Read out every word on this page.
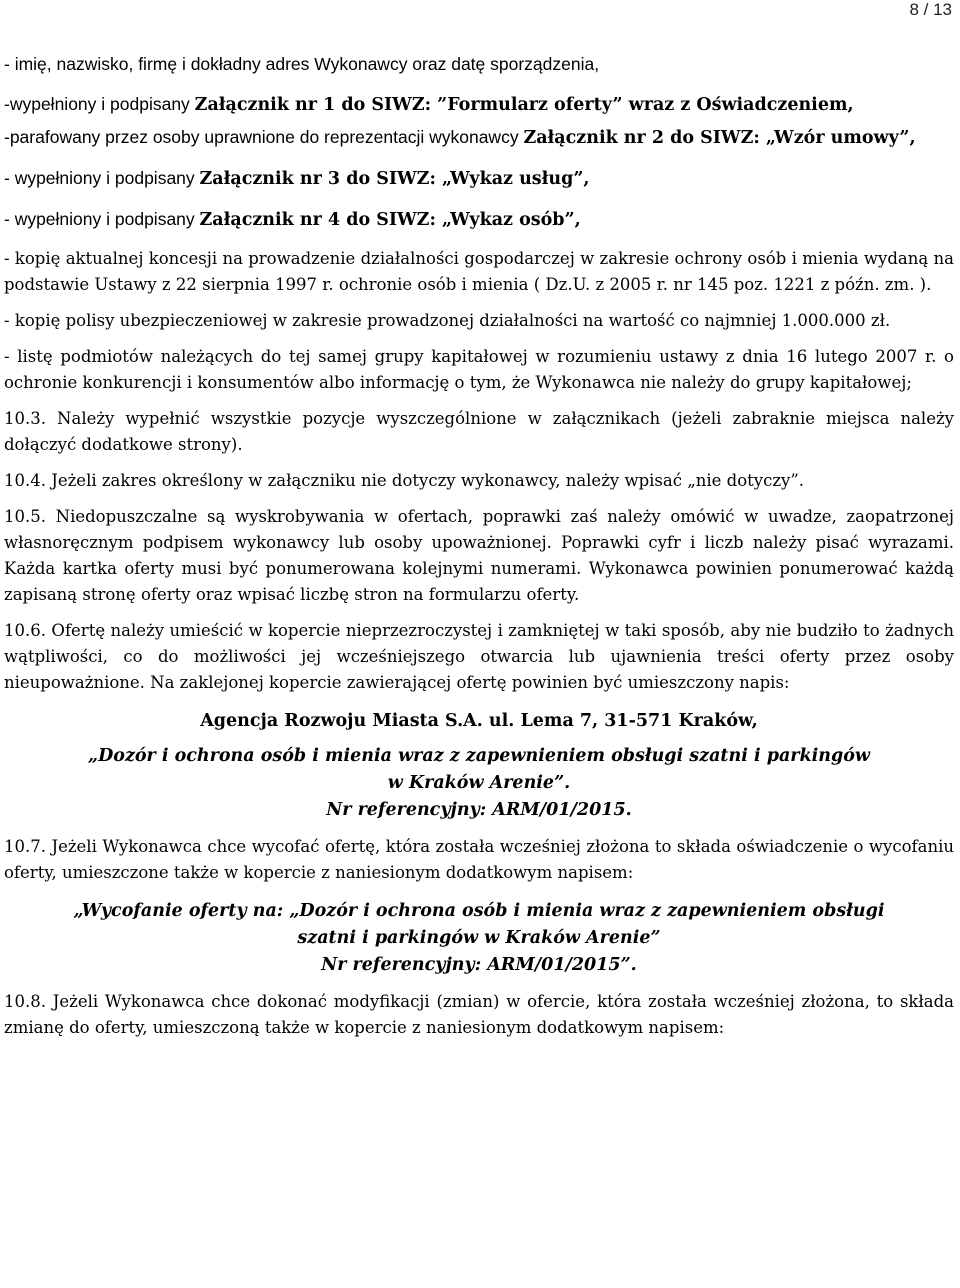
8 / 13

- imię, nazwisko, firmę i dokładny adres Wykonawcy oraz datę sporządzenia,

-wypełniony i podpisany Załącznik nr 1 do SIWZ: ”Formularz oferty” wraz z Oświadczeniem,

-parafowany przez osoby uprawnione do reprezentacji wykonawcy Załącznik nr 2 do SIWZ: „Wzór umowy”,

- wypełniony i podpisany Załącznik nr 3 do SIWZ: „Wykaz usług”,

- wypełniony i podpisany Załącznik nr 4 do SIWZ: „Wykaz osób”,

- kopię aktualnej koncesji na prowadzenie działalności gospodarczej w zakresie ochrony osób i mienia wydaną na podstawie Ustawy z 22 sierpnia 1997 r. ochronie osób i mienia ( Dz.U. z 2005 r. nr 145 poz. 1221 z późn. zm. ).

- kopię polisy ubezpieczeniowej w zakresie prowadzonej działalności na wartość co najmniej 1.000.000 zł.

- listę podmiotów należących do tej samej grupy kapitałowej w rozumieniu ustawy z dnia 16 lutego 2007 r. o ochronie konkurencji i konsumentów albo informację o tym, że Wykonawca nie należy do grupy kapitałowej;

10.3. Należy wypełnić wszystkie pozycje wyszczególnione w załącznikach (jeżeli zabraknie miejsca należy dołączyć dodatkowe strony).

10.4. Jeżeli zakres określony w załączniku nie dotyczy wykonawcy, należy wpisać „nie dotyczy”.

10.5. Niedopuszczalne są wyskrobywania w ofertach, poprawki zaś należy omówić w uwadze, zaopatrzonej własnoręcznym podpisem wykonawcy lub osoby upoważnionej. Poprawki cyfr i liczb należy pisać wyrazami. Każda kartka oferty musi być ponumerowana kolejnymi numerami. Wykonawca powinien ponumerować każdą zapisaną stronę oferty oraz wpisać liczbę stron na formularzu oferty.

10.6. Ofertę należy umieścić w kopercie nieprzezroczystej i zamkniętej w taki sposób, aby nie budziło to żadnych wątpliwości, co do możliwości jej wcześniejszego otwarcia lub ujawnienia treści oferty przez osoby nieupoważnione. Na zaklejonej kopercie zawierającej ofertę powinien być umieszczony napis:

Agencja Rozwoju Miasta S.A. ul. Lema 7, 31-571 Kraków,

„Dozór i ochrona osób i mienia wraz z zapewnieniem obsługi szatni i parkingów

w Kraków Arenie”.

Nr referencyjny: ARM/01/2015.

10.7. Jeżeli Wykonawca chce wycofać ofertę, która została wcześniej złożona to składa oświadczenie o wycofaniu oferty, umieszczone także w kopercie z naniesionym dodatkowym napisem:

„Wycofanie oferty na: „Dozór i ochrona osób i mienia wraz z zapewnieniem obsługi

szatni i parkingów w Kraków Arenie”

Nr referencyjny: ARM/01/2015”.

10.8. Jeżeli Wykonawca chce dokonać modyfikacji (zmian) w ofercie, która została wcześniej złożona, to składa zmianę do oferty, umieszczoną także w kopercie z naniesionym dodatkowym napisem:
